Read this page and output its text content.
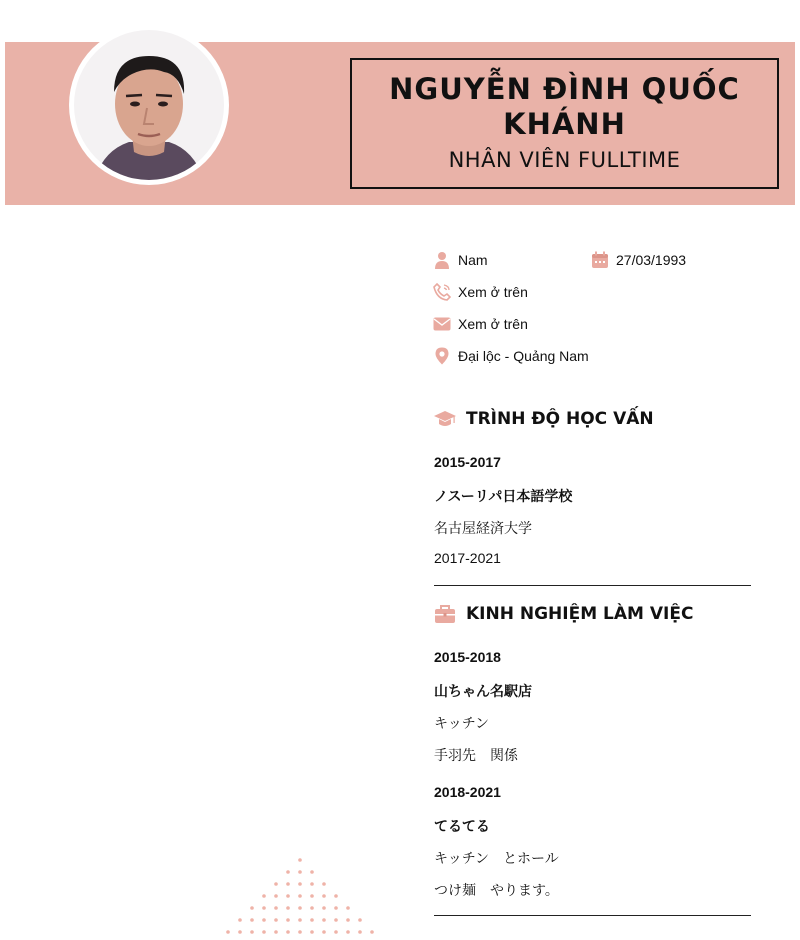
NGUYỄN ĐÌNH QUỐC KHÁNH
NHÂN VIÊN FULLTIME
Nam	27/03/1993
Xem ở trên
Xem ở trên
Đại lộc - Quảng Nam
TRÌNH ĐỘ HỌC VẤN
2015-2017
ノスーリパ日本語学校
名古屋経済大学
2017-2021
KINH NGHIỆM LÀM VIỆC
2015-2018
山ちゃん名駅店
キッチン
手羽先　関係
2018-2021
てるてる
キッチン　とホール
つけ麺　やります。
